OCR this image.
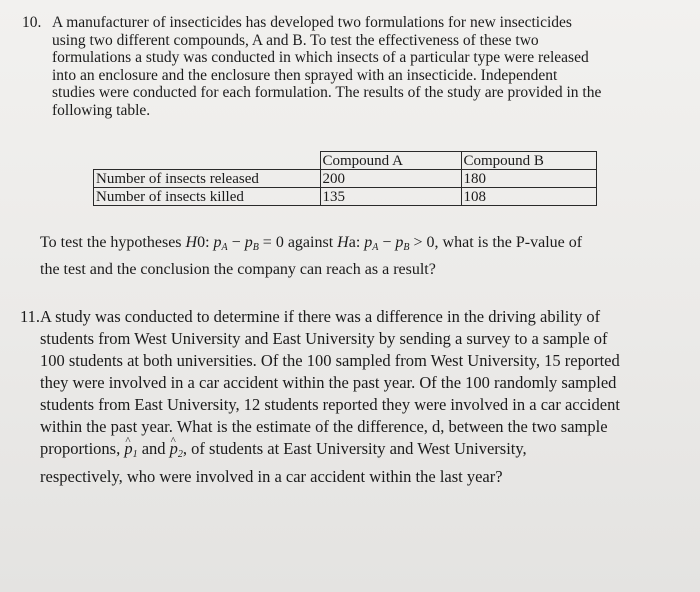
10. A manufacturer of insecticides has developed two formulations for new insecticides
using two different compounds, A and B. To test the effectiveness of these two
formulations a study was conducted in which insects of a particular type were released
into an enclosure and the enclosure then sprayed with an insecticide. Independent
studies were conducted for each formulation. The results of the study are provided in the
following table.
	Compound A	Compound B
Number of insects released	200	180
Number of insects killed	135	108
To test the hypotheses H0: $p_A - p_B = 0$ against Ha: $p_A - p_B > 0$, what is the P-value of
the test and the conclusion the company can reach as a result?
11. A study was conducted to determine if there was a difference in the driving ability of
students from West University and East University by sending a survey to a sample of
100 students at both universities. Of the 100 sampled from West University, 15 reported
they were involved in a car accident within the past year. Of the 100 randomly sampled
students from East University, 12 students reported they were involved in a car accident
within the past year. What is the estimate of the difference, d, between the two sample
proportions, ^ $p_1$ and ^ $p_2$, of students at East University and West University,
respectively, who were involved in a car accident within the last year?
